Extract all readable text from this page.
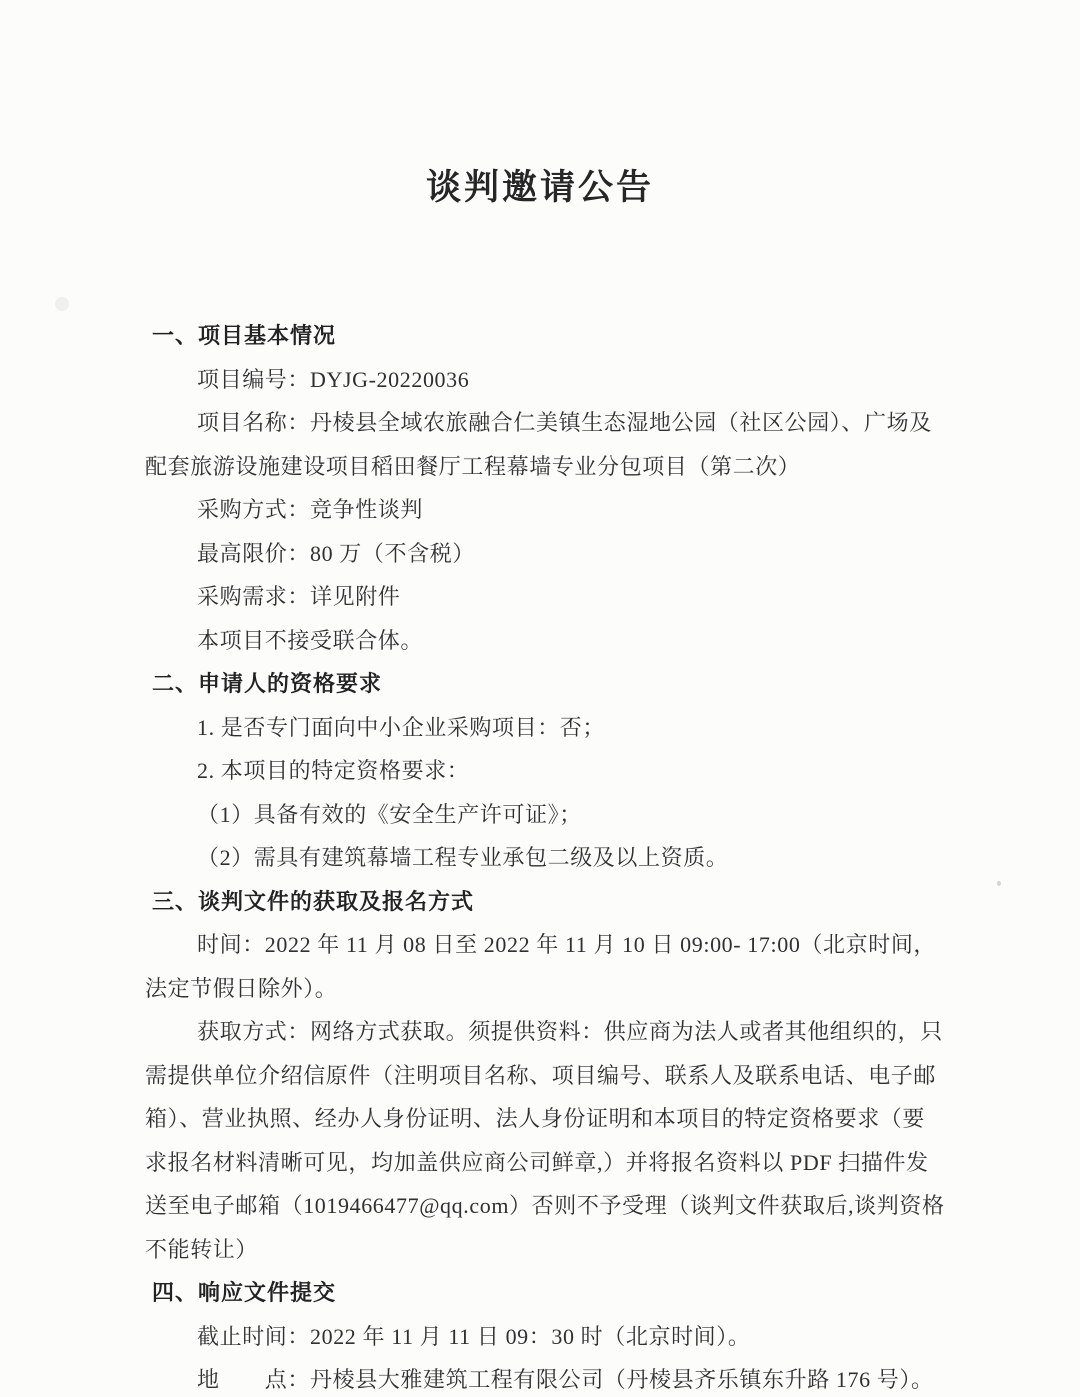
谈判邀请公告
一、项目基本情况
项目编号：DYJG-20220036
项目名称：丹棱县全域农旅融合仁美镇生态湿地公园（社区公园）、广场及
配套旅游设施建设项目稻田餐厅工程幕墙专业分包项目（第二次）
采购方式：竞争性谈判
最高限价：80 万（不含税）
采购需求：详见附件
本项目不接受联合体。
二、申请人的资格要求
1. 是否专门面向中小企业采购项目：否；
2. 本项目的特定资格要求：
（1）具备有效的《安全生产许可证》；
（2）需具有建筑幕墙工程专业承包二级及以上资质。
三、谈判文件的获取及报名方式
时间：2022 年 11 月 08 日至 2022 年 11 月 10 日 09:00- 17:00（北京时间，
法定节假日除外）。
获取方式：网络方式获取。须提供资料：供应商为法人或者其他组织的，只
需提供单位介绍信原件（注明项目名称、项目编号、联系人及联系电话、电子邮
箱）、营业执照、经办人身份证明、法人身份证明和本项目的特定资格要求（要
求报名材料清晰可见，均加盖供应商公司鲜章,）并将报名资料以 PDF 扫描件发
送至电子邮箱（1019466477@qq.com）否则不予受理（谈判文件获取后,谈判资格
不能转让）
四、响应文件提交
截止时间：2022 年 11 月 11 日 09：30 时（北京时间）。
地　　点：丹棱县大雅建筑工程有限公司（丹棱县齐乐镇东升路 176 号）。
